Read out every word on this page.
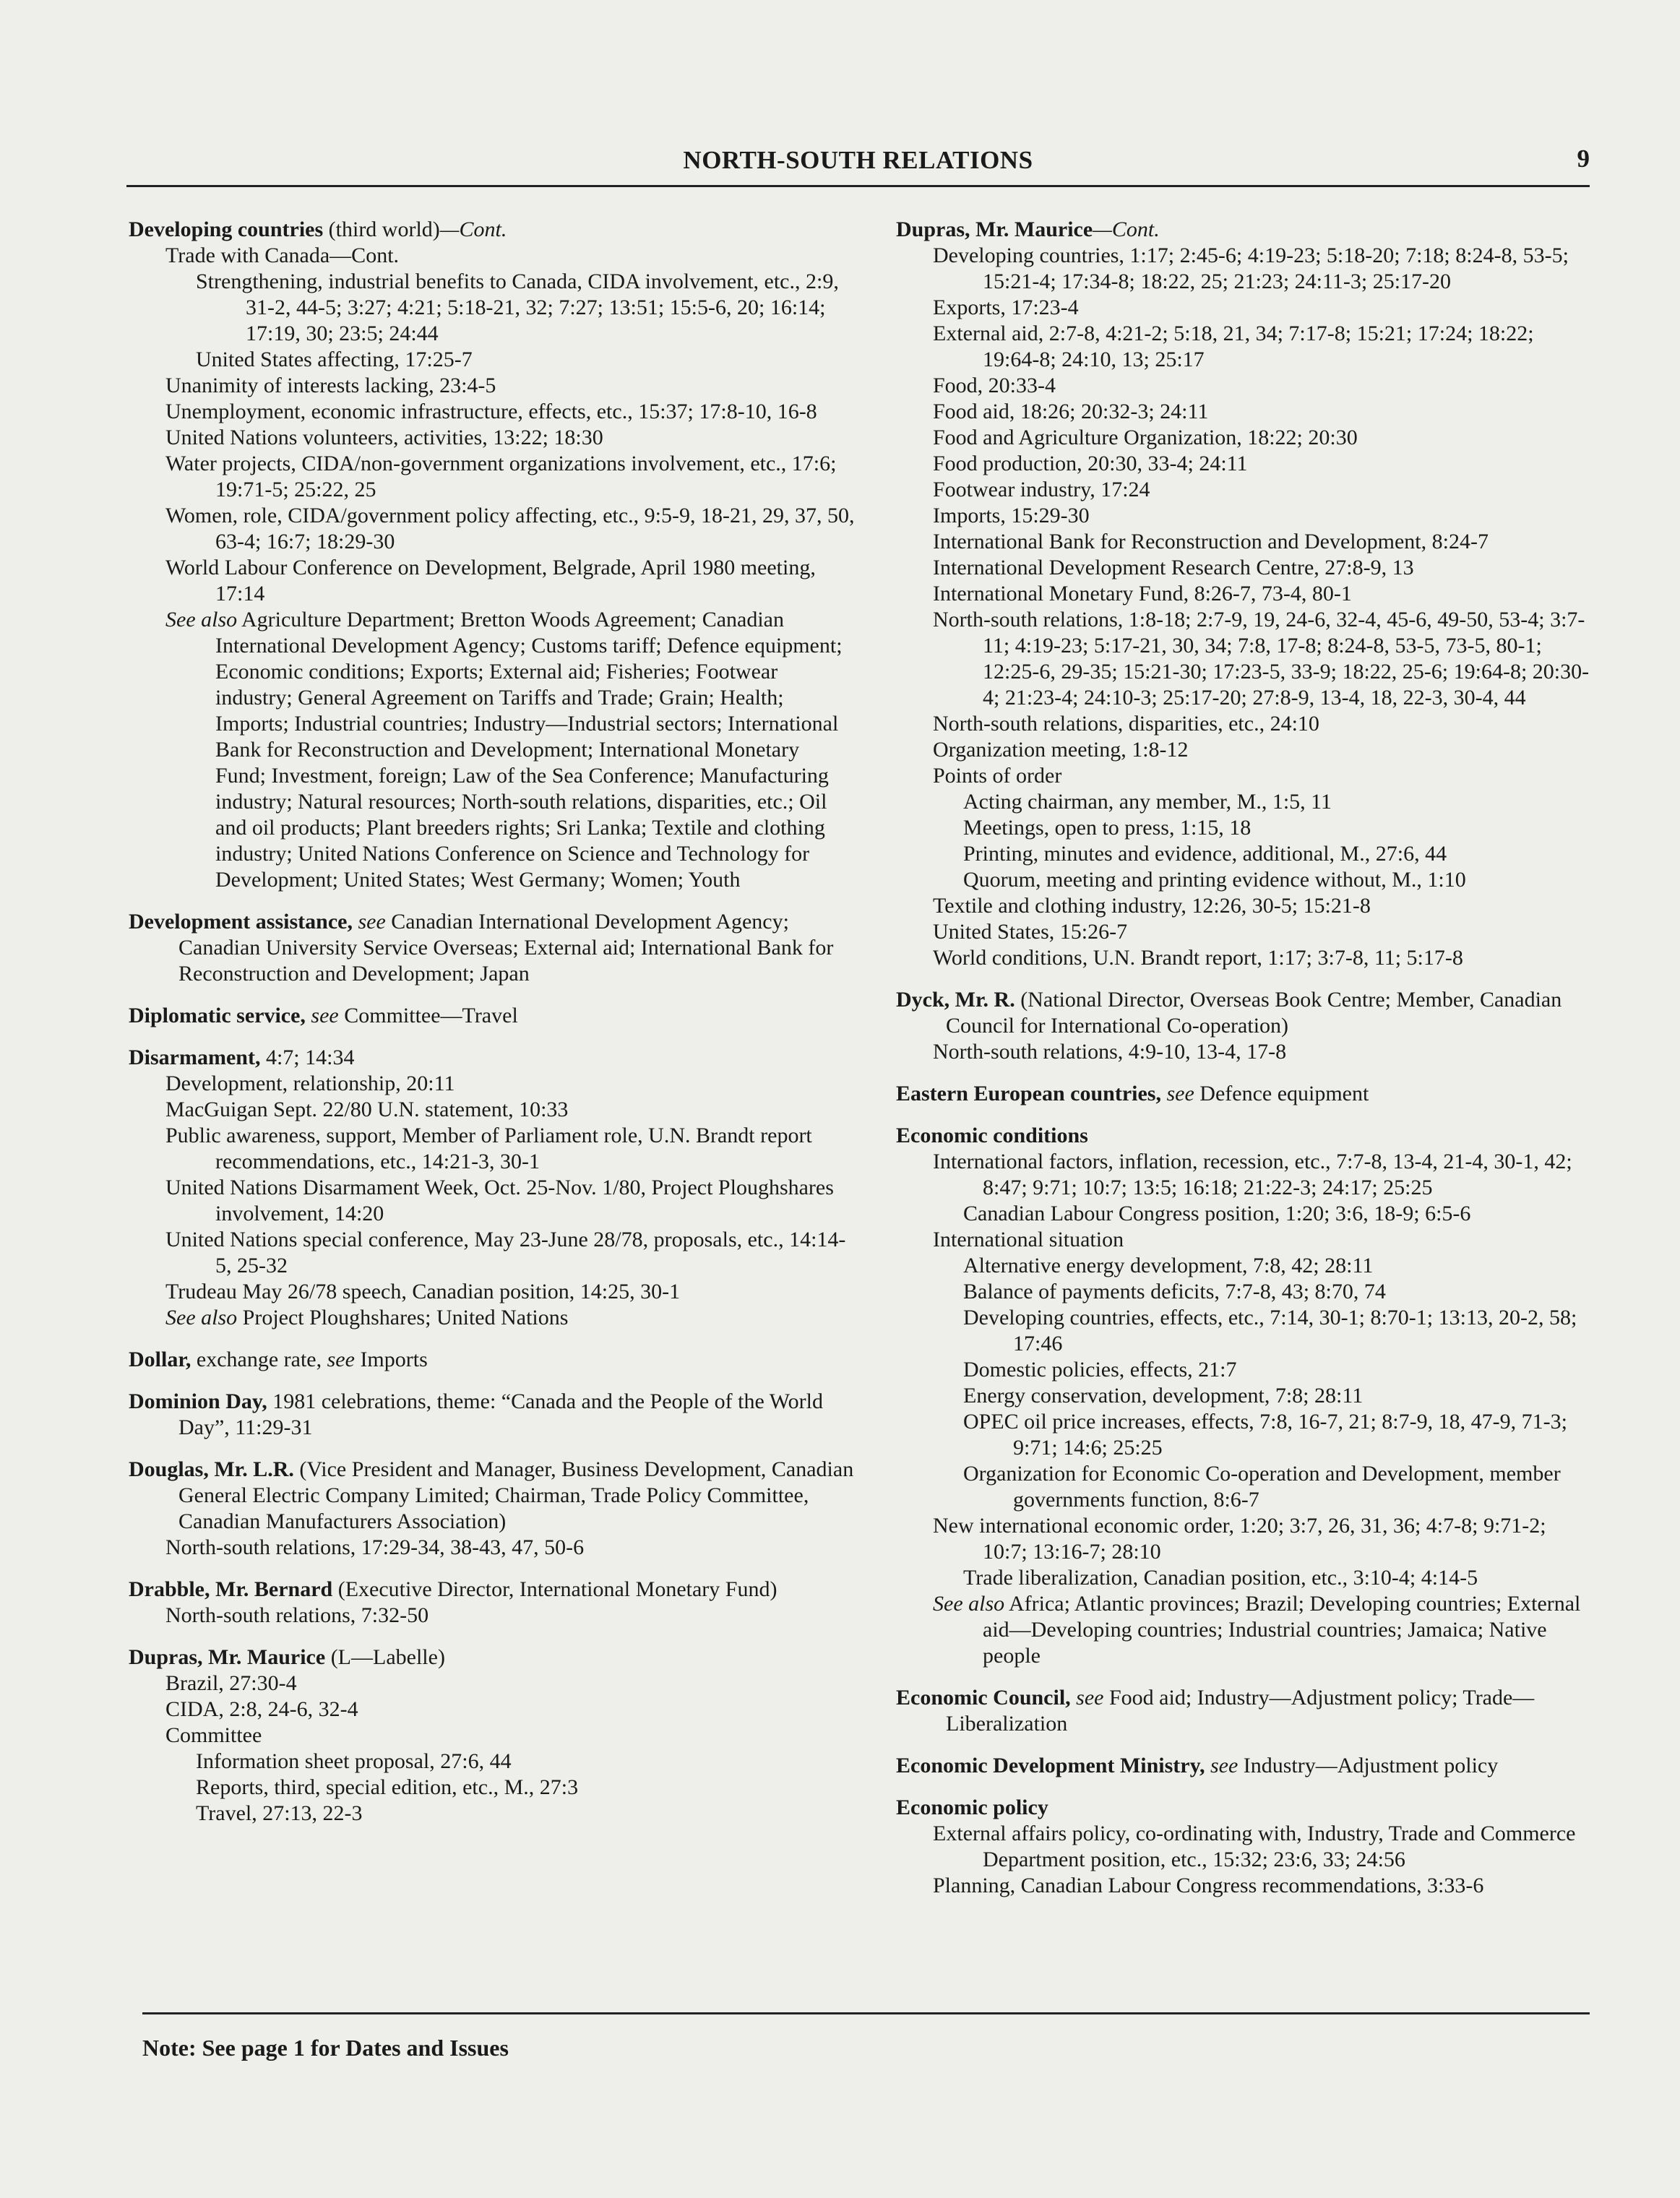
NORTH-SOUTH RELATIONS	9

Developing countries (third world)—Cont.

Trade with Canada—Cont.

Strengthening, industrial benefits to Canada, CIDA involvement, etc., 2:9, 31-2, 44-5; 3:27; 4:21; 5:18-21, 32; 7:27; 13:51; 15:5-6, 20; 16:14; 17:19, 30; 23:5; 24:44

United States affecting, 17:25-7

Unanimity of interests lacking, 23:4-5

Unemployment, economic infrastructure, effects, etc., 15:37; 17:8-10, 16-8

United Nations volunteers, activities, 13:22; 18:30

Water projects, CIDA/non-government organizations involvement, etc., 17:6; 19:71-5; 25:22, 25

Women, role, CIDA/government policy affecting, etc., 9:5-9, 18-21, 29, 37, 50, 63-4; 16:7; 18:29-30

World Labour Conference on Development, Belgrade, April 1980 meeting, 17:14

See also Agriculture Department; Bretton Woods Agreement; Canadian International Development Agency; Customs tariff; Defence equipment; Economic conditions; Exports; External aid; Fisheries; Footwear industry; General Agreement on Tariffs and Trade; Grain; Health; Imports; Industrial countries; Industry—Industrial sectors; International Bank for Reconstruction and Development; International Monetary Fund; Investment, foreign; Law of the Sea Conference; Manufacturing industry; Natural resources; North-south relations, disparities, etc.; Oil and oil products; Plant breeders rights; Sri Lanka; Textile and clothing industry; United Nations Conference on Science and Technology for Development; United States; West Germany; Women; Youth

Development assistance, see Canadian International Development Agency; Canadian University Service Overseas; External aid; International Bank for Reconstruction and Development; Japan

Diplomatic service, see Committee—Travel

Disarmament, 4:7; 14:34

Development, relationship, 20:11

MacGuigan Sept. 22/80 U.N. statement, 10:33

Public awareness, support, Member of Parliament role, U.N. Brandt report recommendations, etc., 14:21-3, 30-1

United Nations Disarmament Week, Oct. 25-Nov. 1/80, Project Ploughshares involvement, 14:20

United Nations special conference, May 23-June 28/78, proposals, etc., 14:14-5, 25-32

Trudeau May 26/78 speech, Canadian position, 14:25, 30-1

See also Project Ploughshares; United Nations

Dollar, exchange rate, see Imports

Dominion Day, 1981 celebrations, theme: “Canada and the People of the World Day”, 11:29-31

Douglas, Mr. L.R. (Vice President and Manager, Business Development, Canadian General Electric Company Limited; Chairman, Trade Policy Committee, Canadian Manufacturers Association)

North-south relations, 17:29-34, 38-43, 47, 50-6

Drabble, Mr. Bernard (Executive Director, International Monetary Fund)

North-south relations, 7:32-50

Dupras, Mr. Maurice (L—Labelle)

Brazil, 27:30-4

CIDA, 2:8, 24-6, 32-4

Committee

Information sheet proposal, 27:6, 44

Reports, third, special edition, etc., M., 27:3

Travel, 27:13, 22-3

Dupras, Mr. Maurice—Cont.

Developing countries, 1:17; 2:45-6; 4:19-23; 5:18-20; 7:18; 8:24-8, 53-5; 15:21-4; 17:34-8; 18:22, 25; 21:23; 24:11-3; 25:17-20

Exports, 17:23-4

External aid, 2:7-8, 4:21-2; 5:18, 21, 34; 7:17-8; 15:21; 17:24; 18:22; 19:64-8; 24:10, 13; 25:17

Food, 20:33-4

Food aid, 18:26; 20:32-3; 24:11

Food and Agriculture Organization, 18:22; 20:30

Food production, 20:30, 33-4; 24:11

Footwear industry, 17:24

Imports, 15:29-30

International Bank for Reconstruction and Development, 8:24-7

International Development Research Centre, 27:8-9, 13

International Monetary Fund, 8:26-7, 73-4, 80-1

North-south relations, 1:8-18; 2:7-9, 19, 24-6, 32-4, 45-6, 49-50, 53-4; 3:7-11; 4:19-23; 5:17-21, 30, 34; 7:8, 17-8; 8:24-8, 53-5, 73-5, 80-1; 12:25-6, 29-35; 15:21-30; 17:23-5, 33-9; 18:22, 25-6; 19:64-8; 20:30-4; 21:23-4; 24:10-3; 25:17-20; 27:8-9, 13-4, 18, 22-3, 30-4, 44

North-south relations, disparities, etc., 24:10

Organization meeting, 1:8-12

Points of order

Acting chairman, any member, M., 1:5, 11

Meetings, open to press, 1:15, 18

Printing, minutes and evidence, additional, M., 27:6, 44

Quorum, meeting and printing evidence without, M., 1:10

Textile and clothing industry, 12:26, 30-5; 15:21-8

United States, 15:26-7

World conditions, U.N. Brandt report, 1:17; 3:7-8, 11; 5:17-8

Dyck, Mr. R. (National Director, Overseas Book Centre; Member, Canadian Council for International Co-operation)

North-south relations, 4:9-10, 13-4, 17-8

Eastern European countries, see Defence equipment

Economic conditions

International factors, inflation, recession, etc., 7:7-8, 13-4, 21-4, 30-1, 42; 8:47; 9:71; 10:7; 13:5; 16:18; 21:22-3; 24:17; 25:25

Canadian Labour Congress position, 1:20; 3:6, 18-9; 6:5-6

International situation

Alternative energy development, 7:8, 42; 28:11

Balance of payments deficits, 7:7-8, 43; 8:70, 74

Developing countries, effects, etc., 7:14, 30-1; 8:70-1; 13:13, 20-2, 58; 17:46

Domestic policies, effects, 21:7

Energy conservation, development, 7:8; 28:11

OPEC oil price increases, effects, 7:8, 16-7, 21; 8:7-9, 18, 47-9, 71-3; 9:71; 14:6; 25:25

Organization for Economic Co-operation and Development, member governments function, 8:6-7

New international economic order, 1:20; 3:7, 26, 31, 36; 4:7-8; 9:71-2; 10:7; 13:16-7; 28:10

Trade liberalization, Canadian position, etc., 3:10-4; 4:14-5

See also Africa; Atlantic provinces; Brazil; Developing countries; External aid—Developing countries; Industrial countries; Jamaica; Native people

Economic Council, see Food aid; Industry—Adjustment policy; Trade—Liberalization

Economic Development Ministry, see Industry—Adjustment policy

Economic policy

External affairs policy, co-ordinating with, Industry, Trade and Commerce Department position, etc., 15:32; 23:6, 33; 24:56

Planning, Canadian Labour Congress recommendations, 3:33-6

Note: See page 1 for Dates and Issues
